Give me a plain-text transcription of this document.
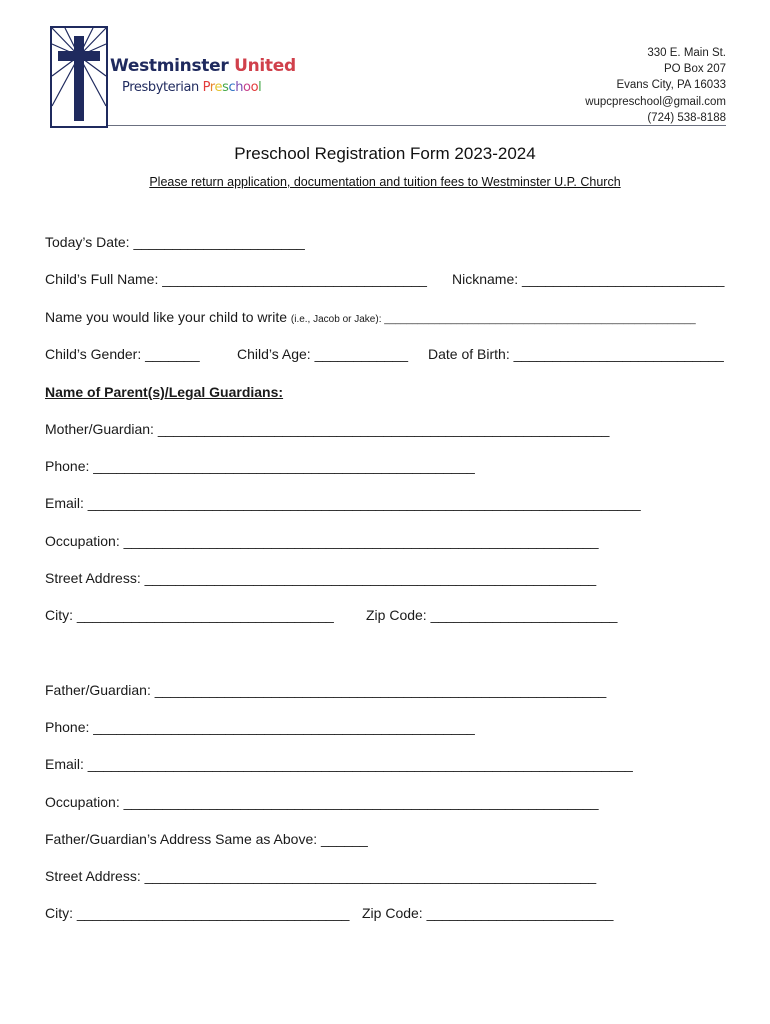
Westminster United
Presbyterian Preschool
330 E. Main St.
PO Box 207
Evans City, PA 16033
wupcpreschool@gmail.com
(724) 538-8188
Preschool Registration Form 2023-2024
Please return application, documentation and tuition fees to Westminster U.P. Church
Today’s Date: ______________________
Child’s Full Name: __________________________________ Nickname: __________________________
Name you would like your child to write (i.e., Jacob or Jake): ________________________________________________________
Child’s Gender: _______	Child’s Age: ____________ Date of Birth: ___________________________
Name of Parent(s)/Legal Guardians:
Mother/Guardian: __________________________________________________________
Phone: _________________________________________________
Email: _______________________________________________________________________
Occupation: _____________________________________________________________
Street Address: __________________________________________________________
City: _________________________________ Zip Code: ________________________
Father/Guardian: __________________________________________________________
Phone: _________________________________________________
Email: ______________________________________________________________________
Occupation: _____________________________________________________________
Father/Guardian’s Address Same as Above: ______
Street Address: __________________________________________________________
City: ___________________________________ Zip Code: ________________________
